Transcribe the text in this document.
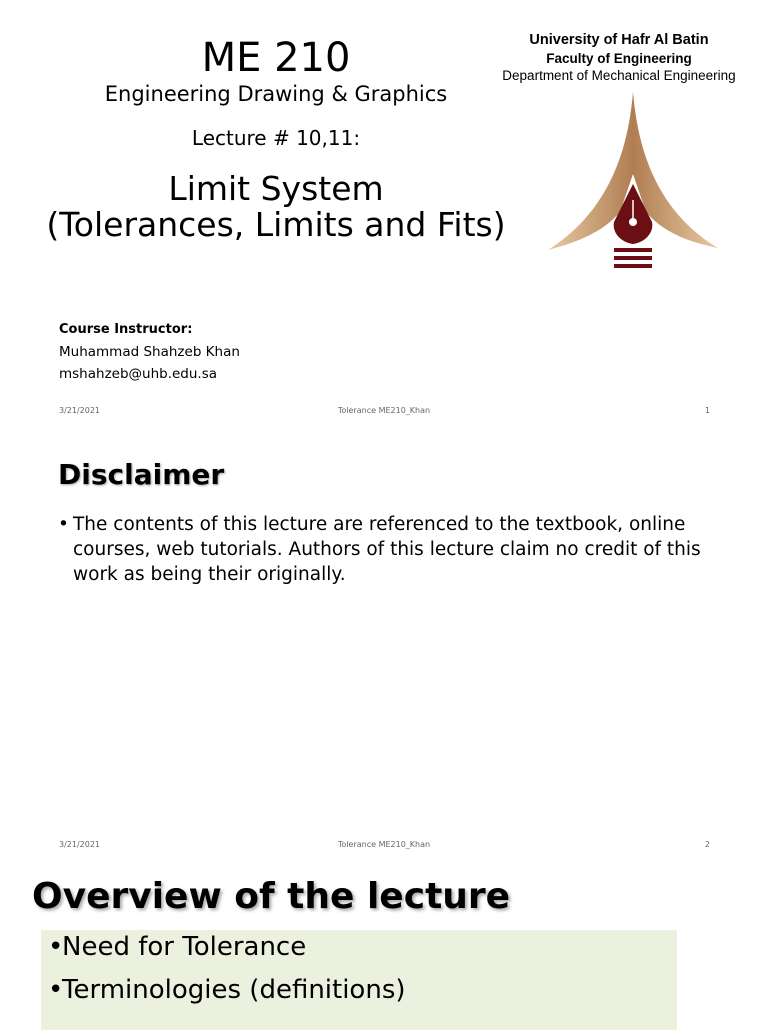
ME 210
Engineering Drawing & Graphics
Lecture # 10,11:
Limit System
(Tolerances, Limits and Fits)
University of Hafr Al Batin
Faculty of Engineering
Department of Mechanical Engineering
Course Instructor:
Muhammad Shahzeb Khan
mshahzeb@uhb.edu.sa
3/21/2021	Tolerance ME210_Khan	1
Disclaimer
• The contents of this lecture are referenced to the textbook, online courses, web tutorials. Authors of this lecture claim no credit of this work as being their originally.
3/21/2021	Tolerance ME210_Khan	2
Overview of the lecture
•
Need for Tolerance
•
Terminologies (definitions)
